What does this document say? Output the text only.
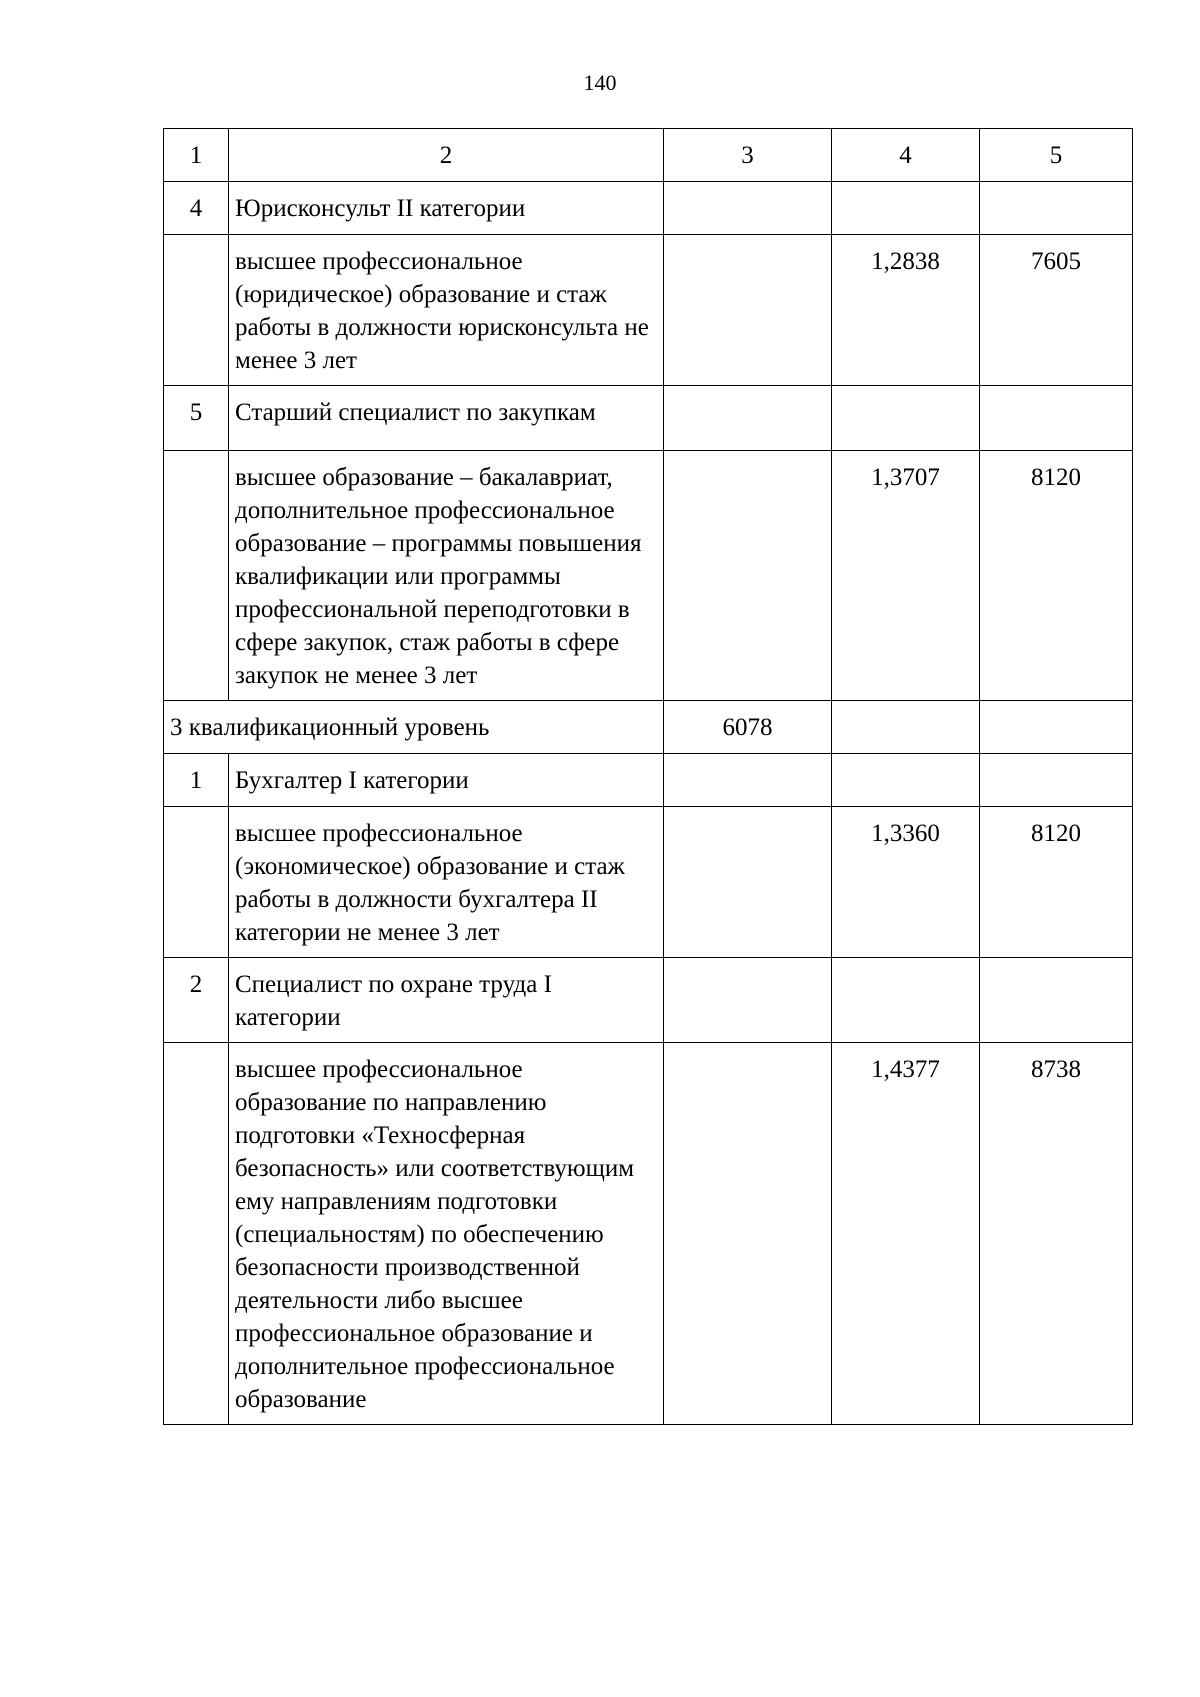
140
1	2	3	4	5
4	Юрисконсульт II категории			
	высшее профессиональное (юридическое) образование и стаж работы в должности юрисконсульта не менее 3 лет		1,2838	7605
5	Старший специалист по закупкам			
	высшее образование – бакалавриат, дополнительное профессиональное образование – программы повышения квалификации или программы профессиональной переподготовки в сфере закупок, стаж работы в сфере закупок не менее 3 лет		1,3707	8120
3 квалификационный уровень		6078		
1	Бухгалтер I категории			
	высшее профессиональное (экономическое) образование и стаж работы в должности бухгалтера II категории не менее 3 лет		1,3360	8120
2	Специалист по охране труда I категории			
	высшее профессиональное образование по направлению подготовки «Техносферная безопасность» или соответствующим ему направлениям подготовки (специальностям) по обеспечению безопасности производственной деятельности либо высшее профессиональное образование и дополнительное профессиональное образование		1,4377	8738
